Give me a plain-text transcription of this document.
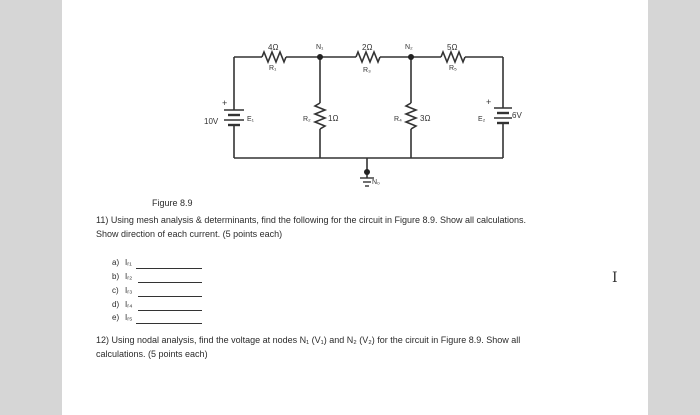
4Ω
R₁
2Ω
R₃
5Ω
R₅
1Ω
R₂	3Ω
R₄
10V	E₁	6V
E₂
+	+
N₁	N₂
N₀
Figure 8.9
11) Using mesh analysis & determinants, find the following for the circuit in Figure 8.9. Show all calculations.
Show direction of each current. (5 points each)
a) Iᵣ₁
b) Iᵣ₂
c) Iᵣ₃
d) Iᵣ₄
e) Iᵣ₅
12) Using nodal analysis, find the voltage at nodes N₁ (V₁) and N₂ (V₂) for the circuit in Figure 8.9. Show all
calculations. (5 points each)
I
